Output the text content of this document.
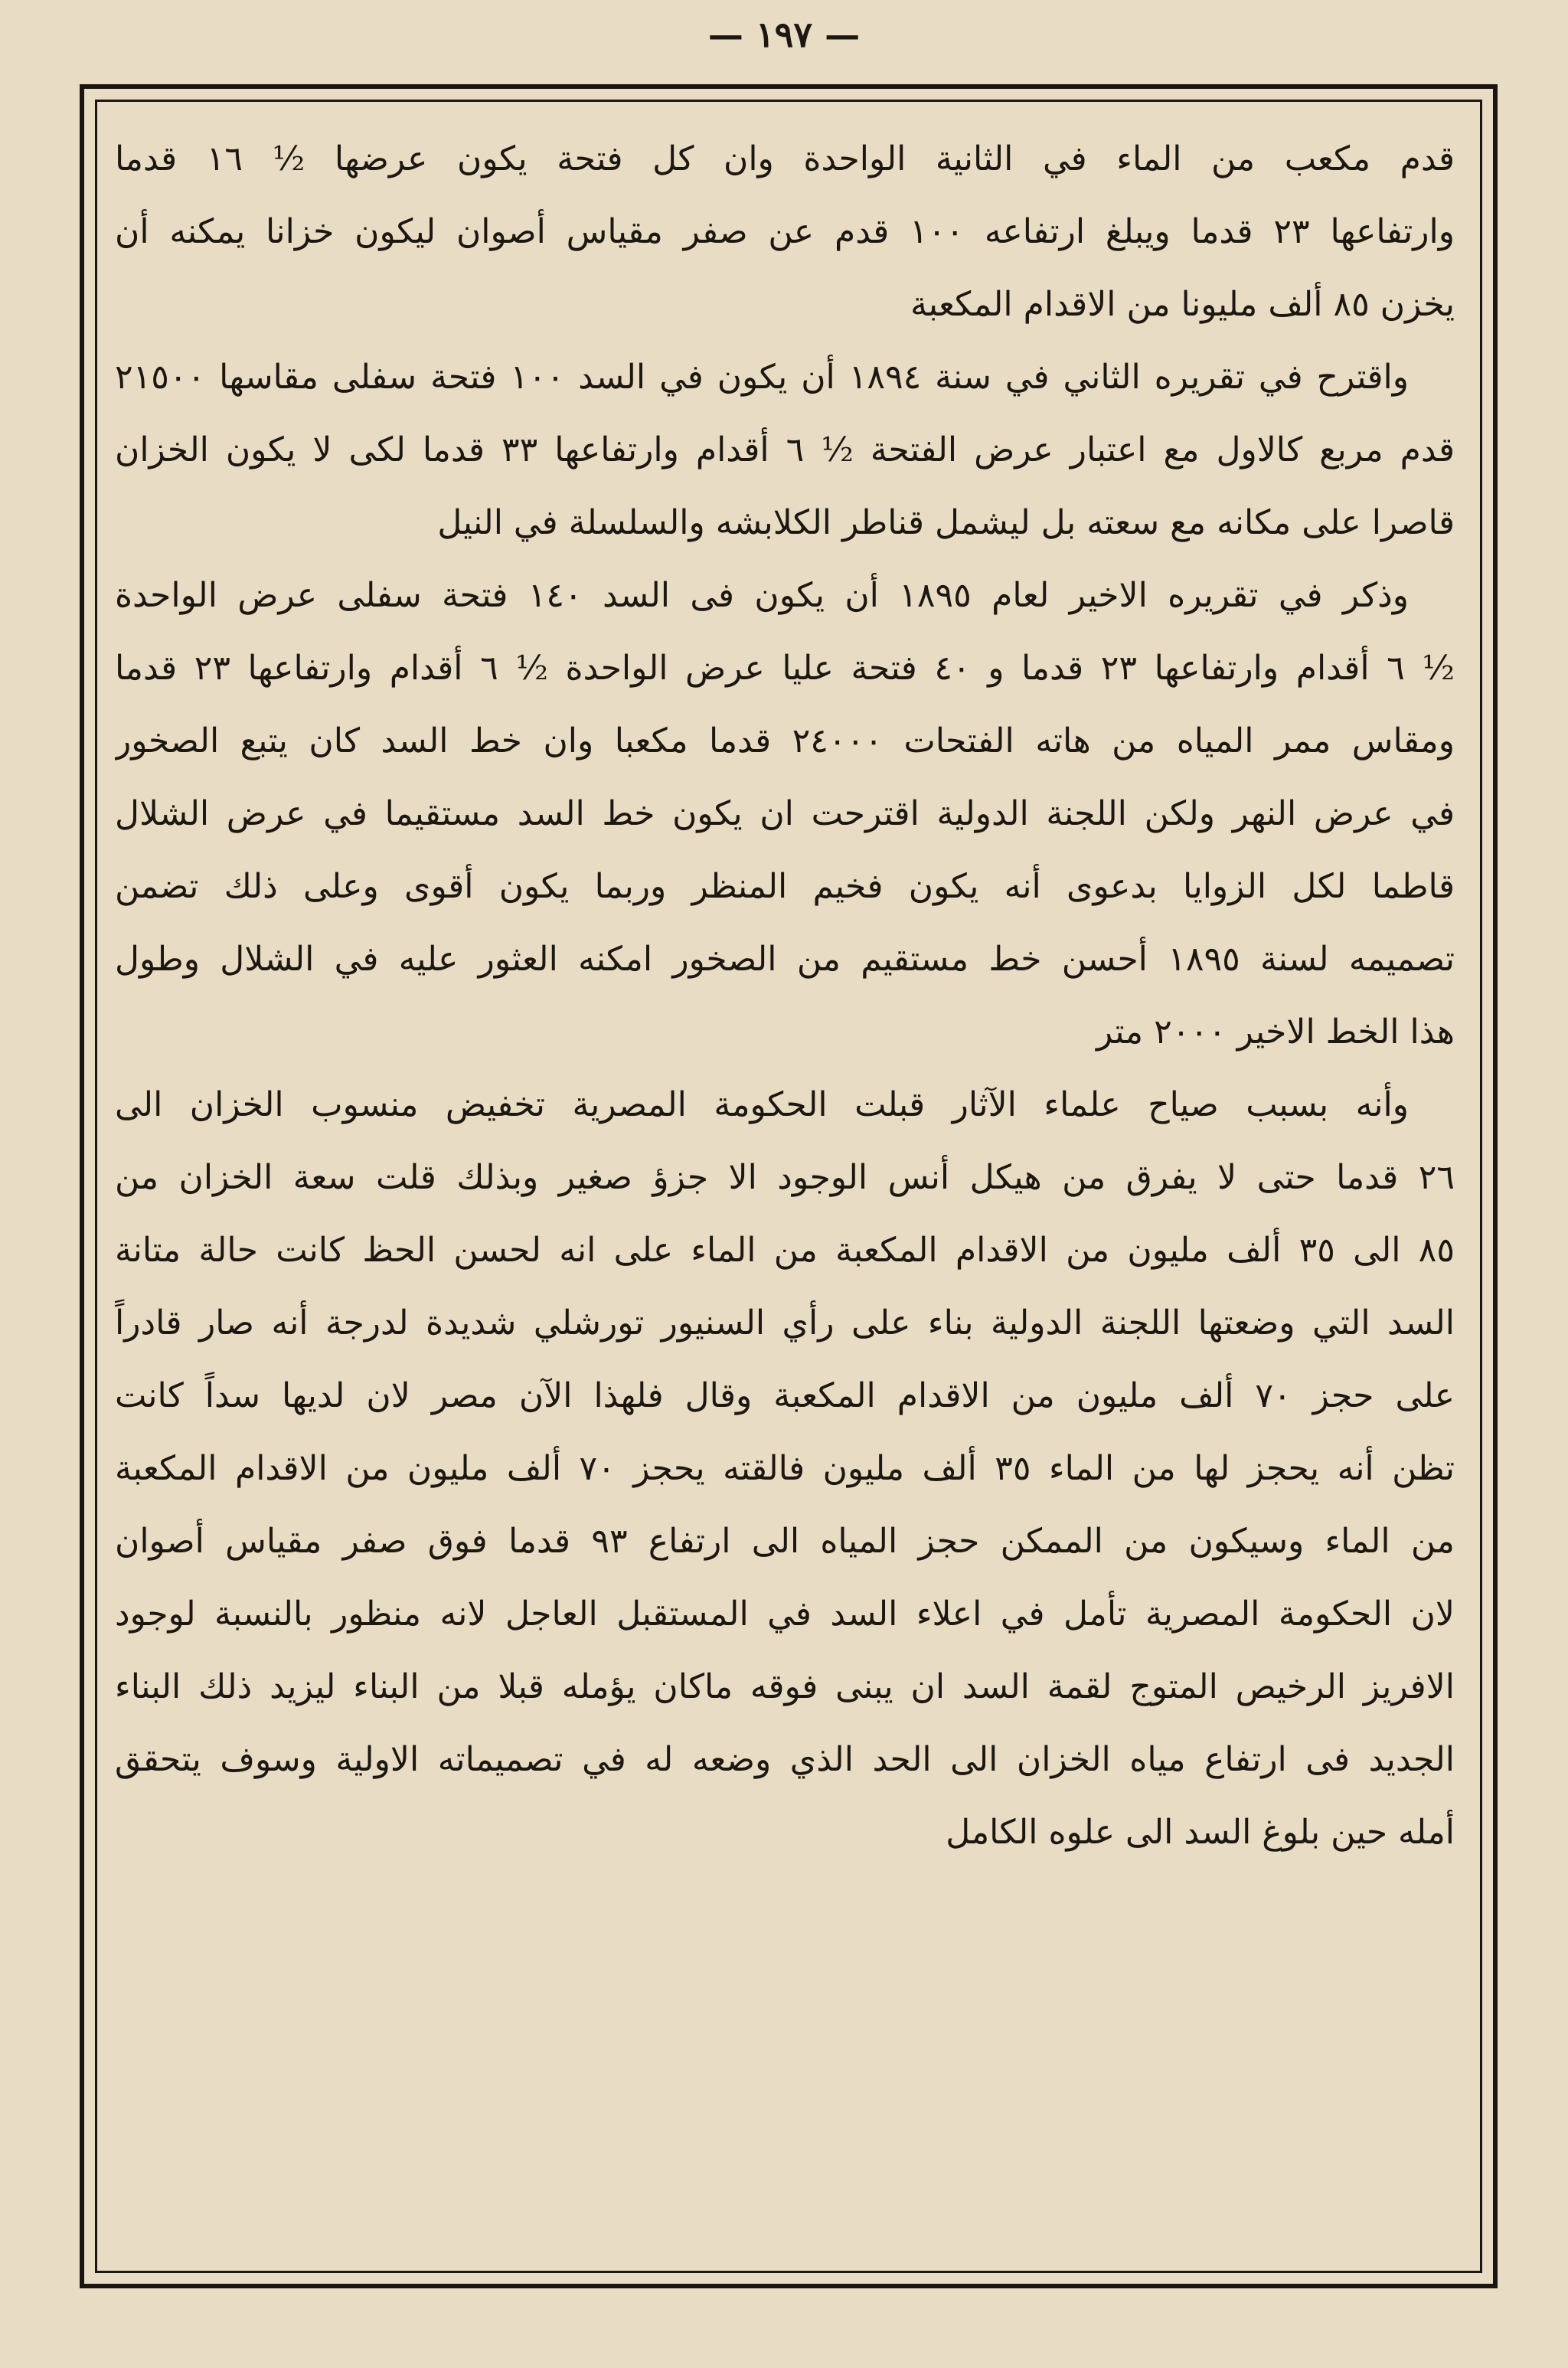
— ١٩٧ —
قدم مكعب من الماء في الثانية الواحدة وان كل فتحة يكون عرضها ½ ١٦ قدما
وارتفاعها ٢٣ قدما ويبلغ ارتفاعه ١٠٠ قدم عن صفر مقياس أصوان ليكون خزانا يمكنه أن
يخزن ٨٥ ألف مليونا من الاقدام المكعبة
واقترح في تقريره الثاني في سنة ١٨٩٤ أن يكون في السد ١٠٠ فتحة سفلى مقاسها ٢١٥٠٠
قدم مربع كالاول مع اعتبار عرض الفتحة ½ ٦ أقدام وارتفاعها ٣٣ قدما لكى لا يكون الخزان
قاصرا على مكانه مع سعته بل ليشمل قناطر الكلابشه والسلسلة في النيل
وذكر في تقريره الاخير لعام ١٨٩٥ أن يكون فى السد ١٤٠ فتحة سفلى عرض الواحدة
½ ٦ أقدام وارتفاعها ٢٣ قدما و ٤٠ فتحة عليا عرض الواحدة ½ ٦ أقدام وارتفاعها ٢٣ قدما
ومقاس ممر المياه من هاته الفتحات ٢٤٠٠٠ قدما مكعبا وان خط السد كان يتبع الصخور
في عرض النهر ولكن اللجنة الدولية اقترحت ان يكون خط السد مستقيما في عرض الشلال
قاطما لكل الزوايا بدعوى أنه يكون فخيم المنظر وربما يكون أقوى وعلى ذلك تضمن
تصميمه لسنة ١٨٩٥ أحسن خط مستقيم من الصخور امكنه العثور عليه في الشلال وطول
هذا الخط الاخير ٢٠٠٠ متر
وأنه بسبب صياح علماء الآثار قبلت الحكومة المصرية تخفيض منسوب الخزان الى
٢٦ قدما حتى لا يفرق من هيكل أنس الوجود الا جزؤ صغير وبذلك قلت سعة الخزان من
٨٥ الى ٣٥ ألف مليون من الاقدام المكعبة من الماء على انه لحسن الحظ كانت حالة متانة
السد التي وضعتها اللجنة الدولية بناء على رأي السنيور تورشلي شديدة لدرجة أنه صار قادراً
على حجز ٧٠ ألف مليون من الاقدام المكعبة وقال فلهذا الآن مصر لان لديها سداً كانت
تظن أنه يحجز لها من الماء ٣٥ ألف مليون فالقته يحجز ٧٠ ألف مليون من الاقدام المكعبة
من الماء وسيكون من الممكن حجز المياه الى ارتفاع ٩٣ قدما فوق صفر مقياس أصوان
لان الحكومة المصرية تأمل في اعلاء السد في المستقبل العاجل لانه منظور بالنسبة لوجود
الافريز الرخيص المتوج لقمة السد ان يبنى فوقه ماكان يؤمله قبلا من البناء ليزيد ذلك البناء
الجديد فى ارتفاع مياه الخزان الى الحد الذي وضعه له في تصميماته الاولية وسوف يتحقق
أمله حين بلوغ السد الى علوه الكامل
